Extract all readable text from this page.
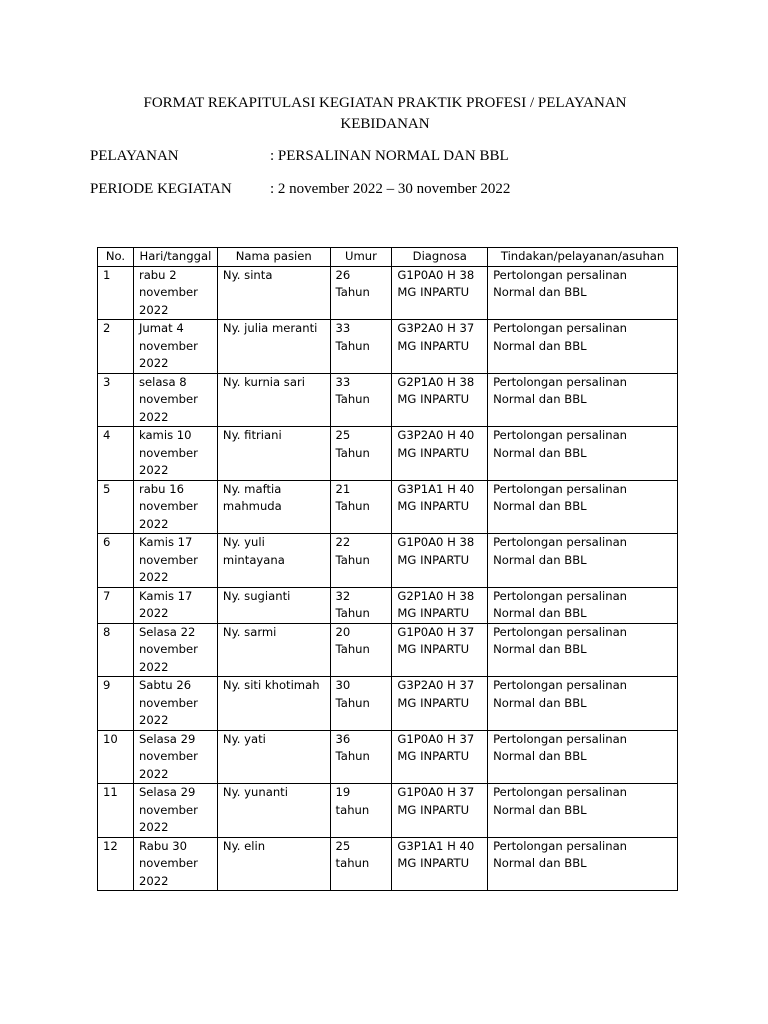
FORMAT REKAPITULASI KEGIATAN PRAKTIK PROFESI / PELAYANAN
KEBIDANAN
PELAYANAN	: PERSALINAN NORMAL DAN BBL
PERIODE KEGIATAN	: 2 november 2022 – 30 november 2022
No.	Hari/tanggal	Nama pasien	Umur	Diagnosa	Tindakan/pelayanan/asuhan
1	rabu 2 november 2022	Ny. sinta	26 Tahun	G1P0A0 H 38 MG INPARTU	Pertolongan persalinan Normal dan BBL
2	Jumat 4 november 2022	Ny. julia meranti	33 Tahun	G3P2A0 H 37 MG INPARTU	Pertolongan persalinan Normal dan BBL
3	selasa 8 november 2022	Ny. kurnia sari	33 Tahun	G2P1A0 H 38 MG INPARTU	Pertolongan persalinan Normal dan BBL
4	kamis 10 november 2022	Ny. fitriani	25 Tahun	G3P2A0 H 40 MG INPARTU	Pertolongan persalinan Normal dan BBL
5	rabu 16 november 2022	Ny. maftia mahmuda	21 Tahun	G3P1A1 H 40 MG INPARTU	Pertolongan persalinan Normal dan BBL
6	Kamis 17 november 2022	Ny. yuli mintayana	22 Tahun	G1P0A0 H 38 MG INPARTU	Pertolongan persalinan Normal dan BBL
7	Kamis 17 2022	Ny. sugianti	32 Tahun	G2P1A0 H 38 MG INPARTU	Pertolongan persalinan Normal dan BBL
8	Selasa 22 november 2022	Ny. sarmi	20 Tahun	G1P0A0 H 37 MG INPARTU	Pertolongan persalinan Normal dan BBL
9	Sabtu 26 november 2022	Ny. siti khotimah	30 Tahun	G3P2A0 H 37 MG INPARTU	Pertolongan persalinan Normal dan BBL
10	Selasa 29 november 2022	Ny. yati	36 Tahun	G1P0A0 H 37 MG INPARTU	Pertolongan persalinan Normal dan BBL
11	Selasa 29 november 2022	Ny. yunanti	19 tahun	G1P0A0 H 37 MG INPARTU	Pertolongan persalinan Normal dan BBL
12	Rabu 30 november 2022	Ny. elin	25 tahun	G3P1A1 H 40 MG INPARTU	Pertolongan persalinan Normal dan BBL
